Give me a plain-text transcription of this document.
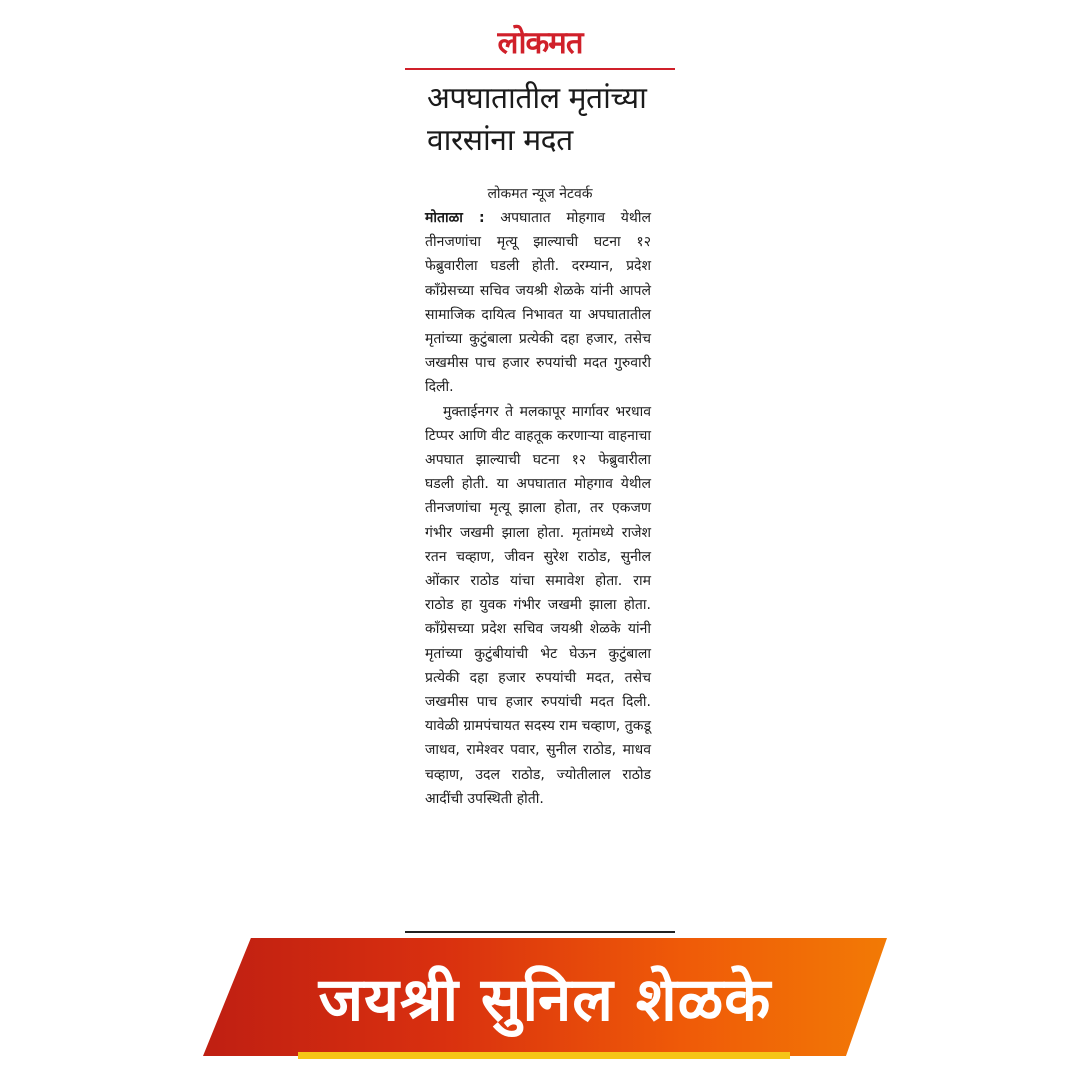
लोकमत
अपघातातील मृतांच्या वारसांना मदत
लोकमत न्यूज नेटवर्क

मोताळा : अपघातात मोहगाव येथील तीनजणांचा मृत्यू झाल्याची घटना १२ फेब्रुवारीला घडली होती. दरम्यान, प्रदेश काँग्रेसच्या सचिव जयश्री शेळके यांनी आपले सामाजिक दायित्व निभावत या अपघातातील मृतांच्या कुटुंबाला प्रत्येकी दहा हजार, तसेच जखमीस पाच हजार रुपयांची मदत गुरुवारी दिली.

मुक्ताईनगर ते मलकापूर मार्गावर भरधाव टिप्पर आणि वीट वाहतूक करणाऱ्या वाहनाचा अपघात झाल्याची घटना १२ फेब्रुवारीला घडली होती. या अपघातात मोहगाव येथील तीनजणांचा मृत्यू झाला होता, तर एकजण गंभीर जखमी झाला होता. मृतांमध्ये राजेश रतन चव्हाण, जीवन सुरेश राठोड, सुनील ओंकार राठोड यांचा समावेश होता. राम राठोड हा युवक गंभीर जखमी झाला होता. काँग्रेसच्या प्रदेश सचिव जयश्री शेळके यांनी मृतांच्या कुटुंबीयांची भेट घेऊन कुटुंबाला प्रत्येकी दहा हजार रुपयांची मदत, तसेच जखमीस पाच हजार रुपयांची मदत दिली. यावेळी ग्रामपंचायत सदस्य राम चव्हाण, तुकडू जाधव, रामेश्वर पवार, सुनील राठोड, माधव चव्हाण, उदल राठोड, ज्योतीलाल राठोड आदींची उपस्थिती होती.

जयश्री सुनिल शेळके
